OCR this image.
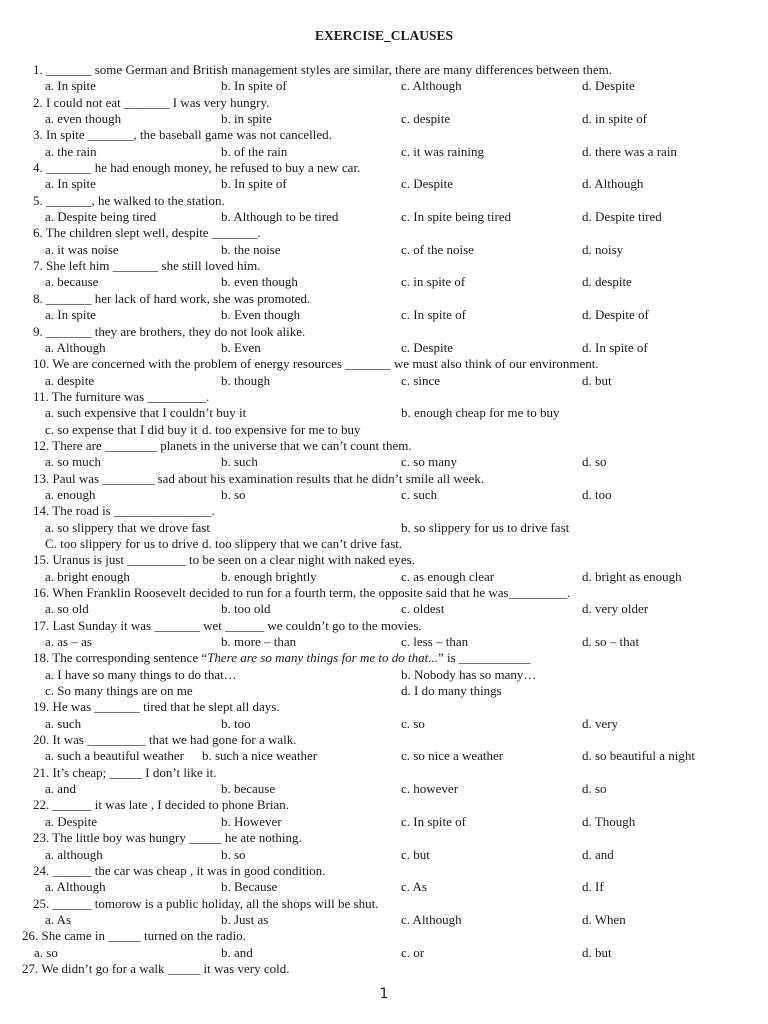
EXERCISE_CLAUSES
1. _______ some German and British management styles are similar, there are many differences between them.
a. In spite	b. In spite of	c. Although	d. Despite
2. I could not eat _______ I was very hungry.
a. even though	b. in spite	c. despite	d. in spite of
3. In spite _______, the baseball game was not cancelled.
a. the rain	b. of the rain	c. it was raining	d. there was a rain
4. _______ he had enough money, he refused to buy a new car.
a. In spite	b. In spite of	c. Despite	d. Although
5. _______, he walked to the station.
a. Despite being tired	b. Although to be tired	c. In spite being tired	d. Despite tired
6. The children slept well, despite _______.
a. it was noise	b. the noise	c. of the noise	d. noisy
7. She left him _______ she still loved him.
a. because	b. even though	c. in spite of	d. despite
8. _______ her lack of hard work, she was promoted.
a. In spite	b. Even though	c. In spite of	d. Despite of
9. _______ they are brothers, they do not look alike.
a. Although	b. Even	c. Despite	d. In spite of
10. We are concerned with the problem of energy resources _______ we must also think of our environment.
a. despite	b. though	c. since	d. but
11. The furniture was _________.
a. such expensive that I couldn’t buy it	b. enough cheap for me to buy
c. so expense that I did buy it d. too expensive for me to buy
12. There are ________ planets in the universe that we can’t count them.
a. so much	b. such	c. so many	d. so
13. Paul was ________ sad about his examination results that he didn’t smile all week.
a. enough	b. so	c. such	d. too
14. The road is _______________.
a. so slippery that we drove fast	b. so slippery for us to drive fast
C. too slippery for us to drive d. too slippery that we can’t drive fast.
15. Uranus is just _________ to be seen on a clear night with naked eyes.
a. bright enough	b. enough brightly	c. as enough clear	d. bright as enough
16. When Franklin Roosevelt decided to run for a fourth term, the opposite said that he was_________.
a. so old	b. too old	c. oldest	d. very older
17. Last Sunday it was _______ wet ______ we couldn’t go to the movies.
a. as – as	b. more – than	c. less – than	d. so – that
18. The corresponding sentence “There are so many things for me to do that...” is ___________
a. I have so many things to do that…	b. Nobody has so many…
c. So many things are on me	d. I do many things
19. He was _______ tired that he slept all days.
a. such	b. too	c. so	d. very
20. It was _________ that we had gone for a walk.
a. such a beautiful weather b. such a nice weather	c. so nice a weather	d. so beautiful a night
21. It’s cheap; _____ I don’t like it.
a. and	b. because	c. however	d. so
22. ______ it was late , I decided to phone Brian.
a. Despite	b. However	c. In spite of	d. Though
23. The little boy was hungry _____ he ate nothing.
a. although	b. so	c. but	d. and
24. ______ the car was cheap , it was in good condition.
a. Although	b. Because	c. As	d. If
25. ______ tomorow is a public holiday, all the shops will be shut.
a. As	b. Just as	c. Although	d. When
26. She came in _____ turned on the radio.
a. so	b. and	c. or	d. but
27. We didn’t go for a walk _____ it was very cold.
1
